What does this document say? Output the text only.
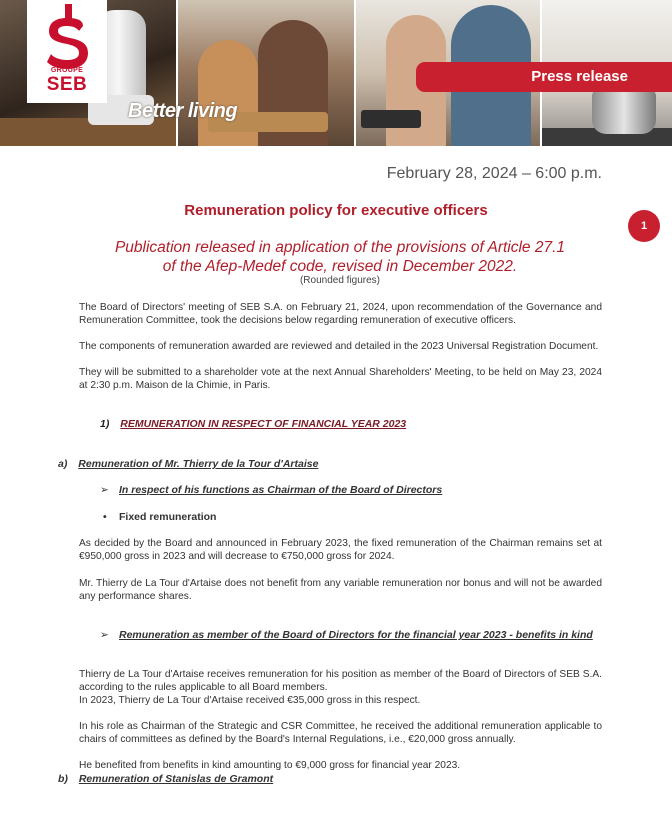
GROUPE
SEB
Better living
Press release
February 28, 2024 – 6:00 p.m.
Remuneration policy for executive officers
1
Publication released in application of the provisions of Article 27.1
of the Afep-Medef code, revised in December 2022.
(Rounded figures)
The Board of Directors' meeting of SEB S.A. on February 21, 2024, upon recommendation of the Governance and Remuneration Committee, took the decisions below regarding remuneration of executive officers.
The components of remuneration awarded are reviewed and detailed in the 2023 Universal Registration Document.
They will be submitted to a shareholder vote at the next Annual Shareholders' Meeting, to be held on May 23, 2024 at 2:30 p.m. Maison de la Chimie, in Paris.
1) REMUNERATION IN RESPECT OF FINANCIAL YEAR 2023
a) Remuneration of Mr. Thierry de la Tour d'Artaise
➢ In respect of his functions as Chairman of the Board of Directors
• Fixed remuneration
As decided by the Board and announced in February 2023, the fixed remuneration of the Chairman remains set at €950,000 gross in 2023 and will decrease to €750,000 gross for 2024.
Mr. Thierry de La Tour d'Artaise does not benefit from any variable remuneration nor bonus and will not be awarded any performance shares.
➢ Remuneration as member of the Board of Directors for the financial year 2023 - benefits in kind
Thierry de La Tour d'Artaise receives remuneration for his position as member of the Board of Directors of SEB S.A. according to the rules applicable to all Board members.
In 2023, Thierry de La Tour d'Artaise received €35,000 gross in this respect.
In his role as Chairman of the Strategic and CSR Committee, he received the additional remuneration applicable to chairs of committees as defined by the Board's Internal Regulations, i.e., €20,000 gross annually.
He benefited from benefits in kind amounting to €9,000 gross for financial year 2023.
b) Remuneration of Stanislas de Gramont
